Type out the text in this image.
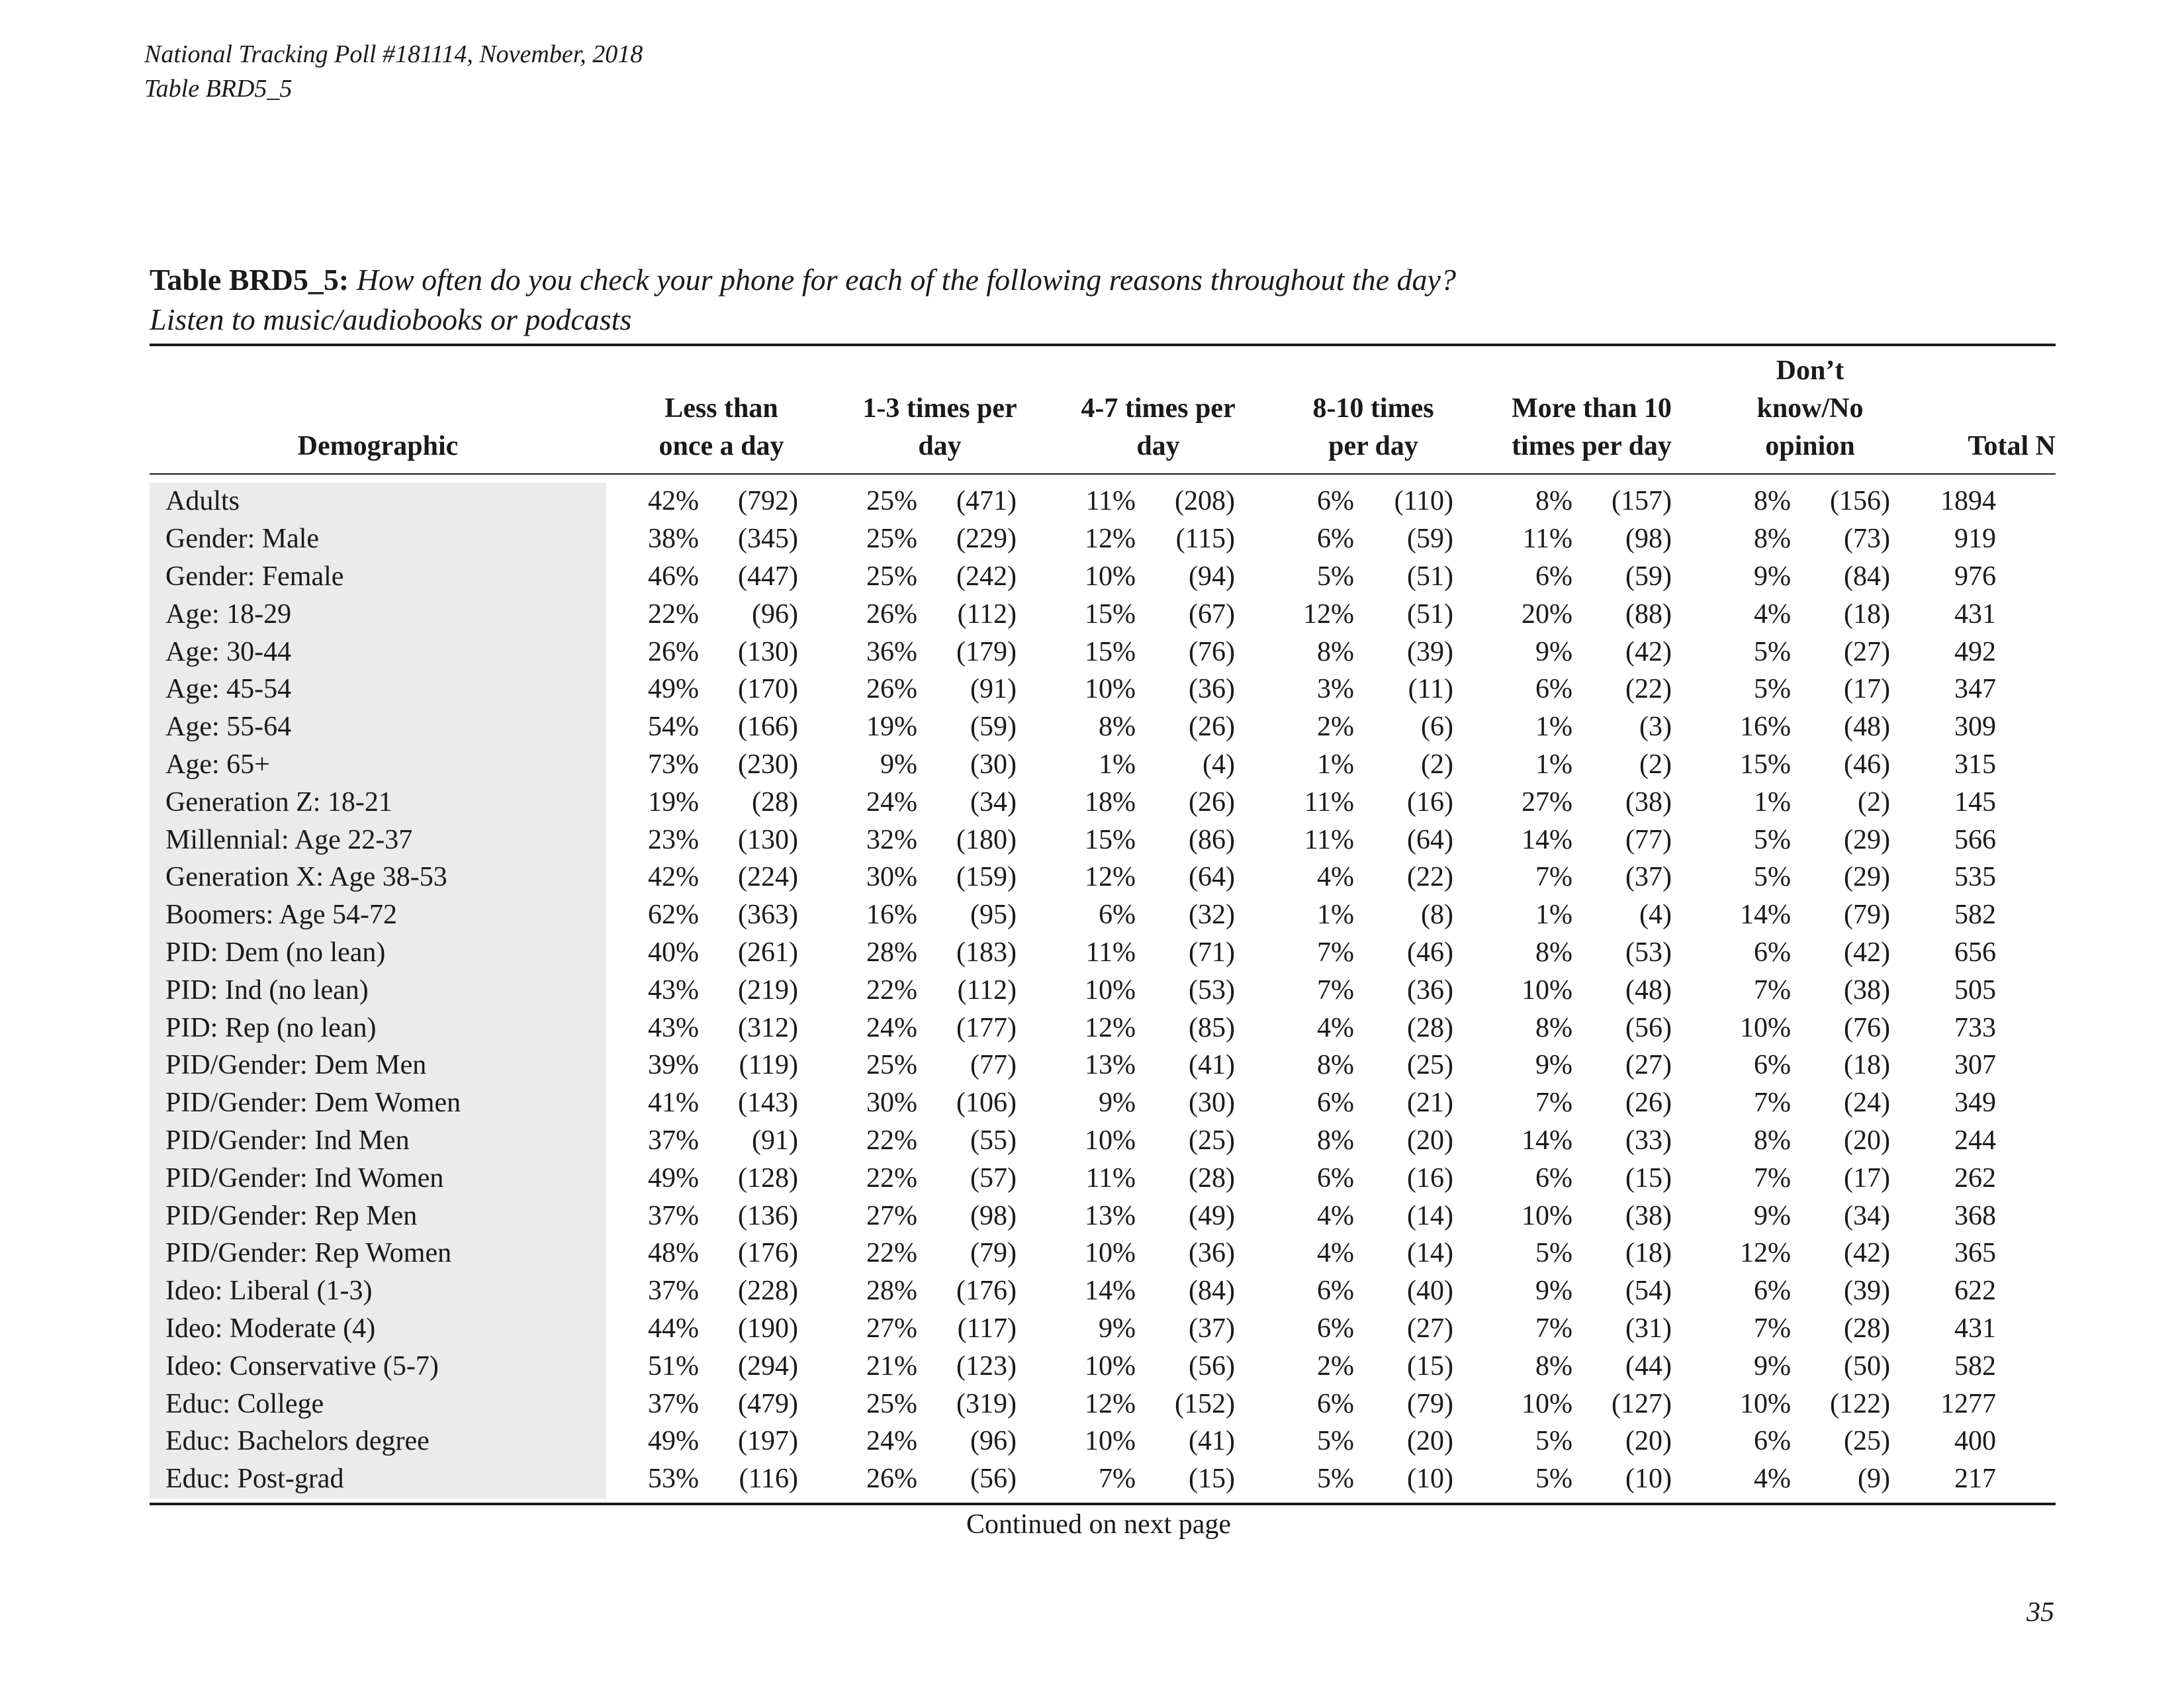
National Tracking Poll #181114, November, 2018
Table BRD5_5
Table BRD5_5: How often do you check your phone for each of the following reasons throughout the day?
Listen to music/audiobooks or podcasts
Demographic
Less than
once a day
1-3 times per
day
4-7 times per
day
8-10 times
per day
More than 10
times per day
Don’t
know/No
opinion	Total N
Adults	42%	(792)	25%	(471)	11%	(208)	6%	(110)	8%	(157)	8%	(156)	1894
Gender: Male	38%	(345)	25%	(229)	12%	(115)	6%	(59)	11%	(98)	8%	(73)	919
Gender: Female	46%	(447)	25%	(242)	10%	(94)	5%	(51)	6%	(59)	9%	(84)	976
Age: 18-29	22%	(96)	26%	(112)	15%	(67)	12%	(51)	20%	(88)	4%	(18)	431
Age: 30-44	26%	(130)	36%	(179)	15%	(76)	8%	(39)	9%	(42)	5%	(27)	492
Age: 45-54	49%	(170)	26%	(91)	10%	(36)	3%	(11)	6%	(22)	5%	(17)	347
Age: 55-64	54%	(166)	19%	(59)	8%	(26)	2%	(6)	1%	(3)	16%	(48)	309
Age: 65+	73%	(230)	9%	(30)	1%	(4)	1%	(2)	1%	(2)	15%	(46)	315
Generation Z: 18-21	19%	(28)	24%	(34)	18%	(26)	11%	(16)	27%	(38)	1%	(2)	145
Millennial: Age 22-37	23%	(130)	32%	(180)	15%	(86)	11%	(64)	14%	(77)	5%	(29)	566
Generation X: Age 38-53	42%	(224)	30%	(159)	12%	(64)	4%	(22)	7%	(37)	5%	(29)	535
Boomers: Age 54-72	62%	(363)	16%	(95)	6%	(32)	1%	(8)	1%	(4)	14%	(79)	582
PID: Dem (no lean)	40%	(261)	28%	(183)	11%	(71)	7%	(46)	8%	(53)	6%	(42)	656
PID: Ind (no lean)	43%	(219)	22%	(112)	10%	(53)	7%	(36)	10%	(48)	7%	(38)	505
PID: Rep (no lean)	43%	(312)	24%	(177)	12%	(85)	4%	(28)	8%	(56)	10%	(76)	733
PID/Gender: Dem Men	39%	(119)	25%	(77)	13%	(41)	8%	(25)	9%	(27)	6%	(18)	307
PID/Gender: Dem Women	41%	(143)	30%	(106)	9%	(30)	6%	(21)	7%	(26)	7%	(24)	349
PID/Gender: Ind Men	37%	(91)	22%	(55)	10%	(25)	8%	(20)	14%	(33)	8%	(20)	244
PID/Gender: Ind Women	49%	(128)	22%	(57)	11%	(28)	6%	(16)	6%	(15)	7%	(17)	262
PID/Gender: Rep Men	37%	(136)	27%	(98)	13%	(49)	4%	(14)	10%	(38)	9%	(34)	368
PID/Gender: Rep Women	48%	(176)	22%	(79)	10%	(36)	4%	(14)	5%	(18)	12%	(42)	365
Ideo: Liberal (1-3)	37%	(228)	28%	(176)	14%	(84)	6%	(40)	9%	(54)	6%	(39)	622
Ideo: Moderate (4)	44%	(190)	27%	(117)	9%	(37)	6%	(27)	7%	(31)	7%	(28)	431
Ideo: Conservative (5-7)	51%	(294)	21%	(123)	10%	(56)	2%	(15)	8%	(44)	9%	(50)	582
Educ: College	37%	(479)	25%	(319)	12%	(152)	6%	(79)	10%	(127)	10%	(122)	1277
Educ: Bachelors degree	49%	(197)	24%	(96)	10%	(41)	5%	(20)	5%	(20)	6%	(25)	400
Educ: Post-grad	53%	(116)	26%	(56)	7%	(15)	5%	(10)	5%	(10)	4%	(9)	217
Continued on next page
35
